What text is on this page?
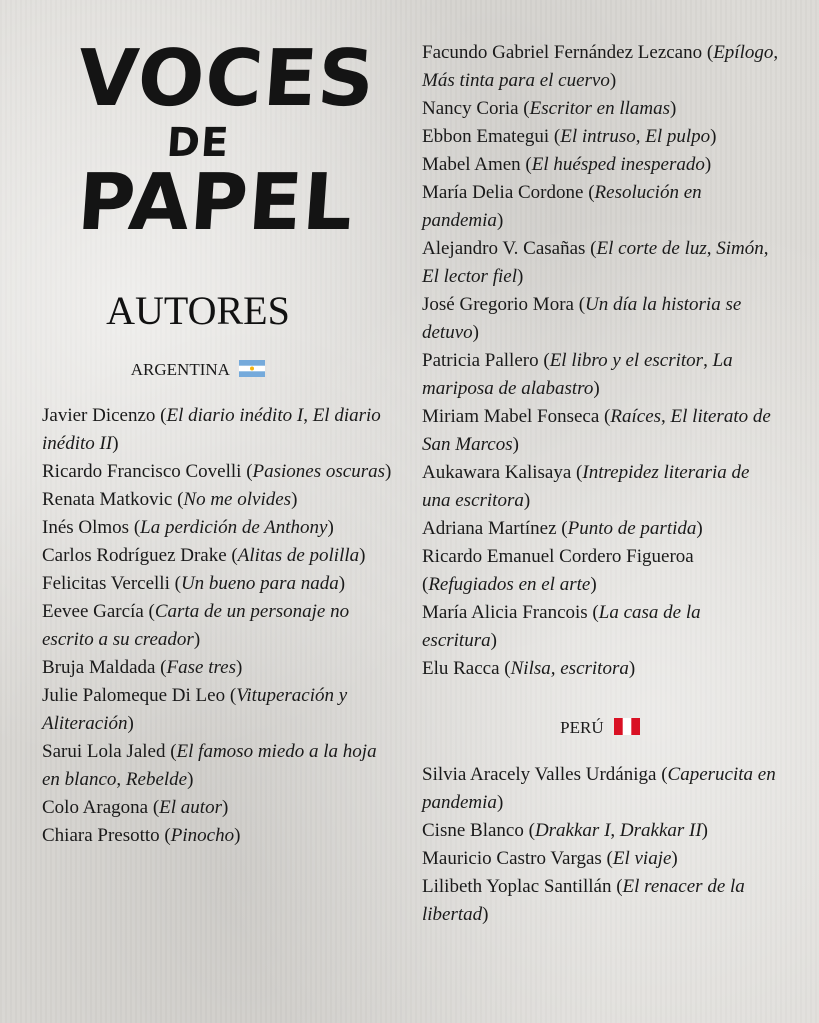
VOCES
DE
PAPEL
AUTORES
ARGENTINA
Javier Dicenzo (El diario inédito I, El diario inédito II)
Ricardo Francisco Covelli (Pasiones oscuras)
Renata Matkovic (No me olvides)
Inés Olmos (La perdición de Anthony)
Carlos Rodríguez Drake (Alitas de polilla)
Felicitas Vercelli (Un bueno para nada)
Eevee García (Carta de un personaje no escrito a su creador)
Bruja Maldada (Fase tres)
Julie Palomeque Di Leo (Vituperación y Aliteración)
Sarui Lola Jaled (El famoso miedo a la hoja en blanco, Rebelde)
Colo Aragona (El autor)
Chiara Presotto (Pinocho)
Facundo Gabriel Fernández Lezcano (Epílogo, Más tinta para el cuervo)
Nancy Coria (Escritor en llamas)
Ebbon Emategui (El intruso, El pulpo)
Mabel Amen (El huésped inesperado)
María Delia Cordone (Resolución en pandemia)
Alejandro V. Casañas (El corte de luz, Simón, El lector fiel)
José Gregorio Mora (Un día la historia se detuvo)
Patricia Pallero (El libro y el escritor, La mariposa de alabastro)
Miriam Mabel Fonseca (Raíces, El literato de San Marcos)
Aukawara Kalisaya (Intrepidez literaria de una escritora)
Adriana Martínez (Punto de partida)
Ricardo Emanuel Cordero Figueroa (Refugiados en el arte)
María Alicia Francois (La casa de la escritura)
Elu Racca (Nilsa, escritora)
PERÚ
Silvia Aracely Valles Urdániga (Caperucita en pandemia)
Cisne Blanco (Drakkar I, Drakkar II)
Mauricio Castro Vargas (El viaje)
Lilibeth Yoplac Santillán (El renacer de la libertad)
